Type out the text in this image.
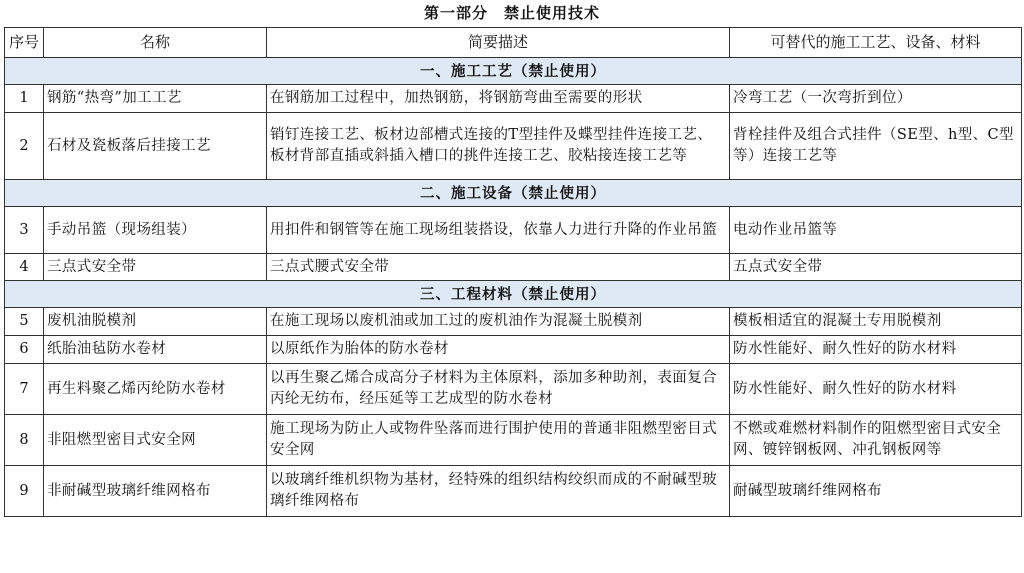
第一部分　禁止使用技术
序号	名称	简要描述	可替代的施工工艺、设备、材料
一、施工工艺（禁止使用）			
1	钢筋“热弯”加工工艺	在钢筋加工过程中，加热钢筋，将钢筋弯曲至需要的形状	冷弯工艺（一次弯折到位）
2	石材及瓷板落后挂接工艺	销钉连接工艺、板材边部槽式连接的T型挂件及蝶型挂件连接工艺、板材背部直插或斜插入槽口的挑件连接工艺、胶粘接连接工艺等	背栓挂件及组合式挂件（SE型、h型、C型等）连接工艺等
二、施工设备（禁止使用）			
3	手动吊篮（现场组装）	用扣件和钢管等在施工现场组装搭设，依靠人力进行升降的作业吊篮	电动作业吊篮等
4	三点式安全带	三点式腰式安全带	五点式安全带
三、工程材料（禁止使用）			
5	废机油脱模剂	在施工现场以废机油或加工过的废机油作为混凝土脱模剂	模板相适宜的混凝土专用脱模剂
6	纸胎油毡防水卷材	以原纸作为胎体的防水卷材	防水性能好、耐久性好的防水材料
7	再生料聚乙烯丙纶防水卷材	以再生聚乙烯合成高分子材料为主体原料，添加多种助剂，表面复合丙纶无纺布，经压延等工艺成型的防水卷材	防水性能好、耐久性好的防水材料
8	非阻燃型密目式安全网	施工现场为防止人或物件坠落而进行围护使用的普通非阻燃型密目式安全网	不燃或难燃材料制作的阻燃型密目式安全网、镀锌钢板网、冲孔钢板网等
9	非耐碱型玻璃纤维网格布	以玻璃纤维机织物为基材，经特殊的组织结构绞织而成的不耐碱型玻璃纤维网格布	耐碱型玻璃纤维网格布
